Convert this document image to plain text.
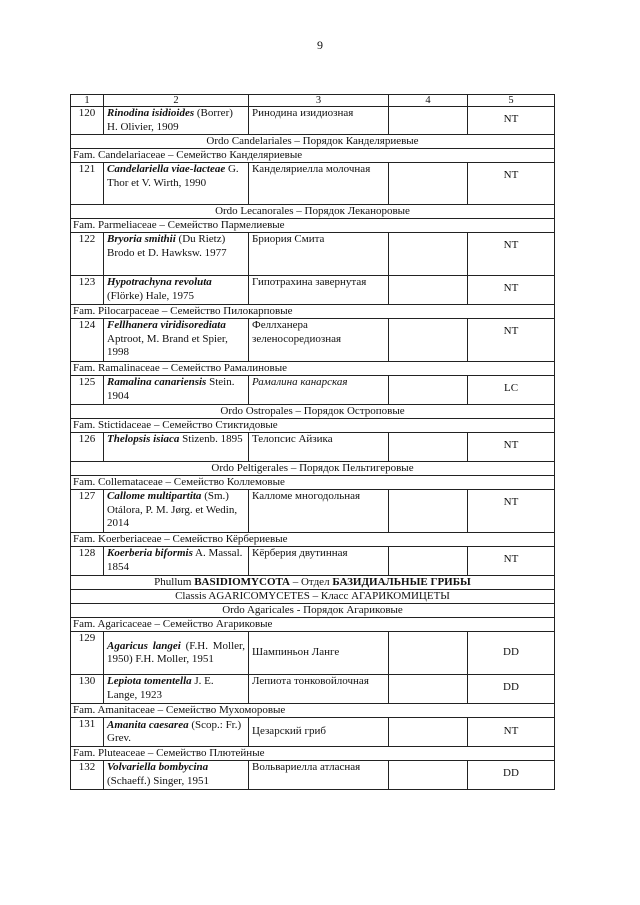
9
1	2	3	4	5
120	Rinodina isidioides (Borrer) H. Olivier, 1909	Ринодина изидиозная		NT
Ordo Candelariales – Порядок Канделяриевые				
Fam. Candelariaceae – Семейство Канделяриевые				
121	Candelariella viae-lacteae G. Thor et V. Wirth, 1990	Канделяриелла молочная		NT
Ordo Lecanorales – Порядок Леканоровые				
Fam. Parmeliaceae – Семейство Пармелиевые				
122	Bryoria smithii (Du Rietz) Brodo et D. Hawksw. 1977	Бриория Смита		NT
123	Hypotrachyna revoluta (Flörke) Hale, 1975	Гипотрахина завернутая		NT
Fam. Pilocarpaceae – Семейство Пилокарповые				
124	Fellhanera viridisorediata Aptroot, M. Brand et Spier, 1998	Феллханера зеленосоредиозная		NT
Fam. Ramalinaceae – Семейство Рамалиновые				
125	Ramalina canariensis Stein. 1904	Рамалина канарская		LC
Ordo Ostropales – Порядок Остроповые				
Fam. Stictidaceae – Семейство Стиктидовые				
126	Thelopsis isiaca Stizenb. 1895	Телопсис Айзика		NT
Ordo Peltigerales – Порядок Пельтигеровые				
Fam. Collemataceae – Семейство Коллемовые				
127	Callome multipartita (Sm.) Otálora, P. M. Jørg. et Wedin, 2014	Калломе многодольная		NT
Fam. Koerberiaceae – Семейство Кёрбериевые				
128	Koerberia biformis A. Massal. 1854	Кёрберия двутинная		NT
Phullum BASIDIOMYCOTA – Отдел БАЗИДИАЛЬНЫЕ ГРИБЫ				
Classis AGARICOMYCETES – Класс АГАРИКОМИЦЕТЫ				
Ordo Agaricales - Порядок Агариковые				
Fam. Agaricaceae – Семейство Агариковые				
129	Agaricus langei (F.H. Moller, 1950) F.H. Moller, 1951	Шампиньон Ланге		DD
130	Lepiota tomentella J. E. Lange, 1923	Лепиота тонковойлочная		DD
Fam. Amanitaceae – Семейство Мухоморовые				
131	Amanita caesarea (Scop.: Fr.) Grev.	Цезарский гриб		NT
Fam. Pluteaceae – Семейство Плютейные				
132	Volvariella bombycina (Schaeff.) Singer, 1951	Вольвариелла атласная		DD
